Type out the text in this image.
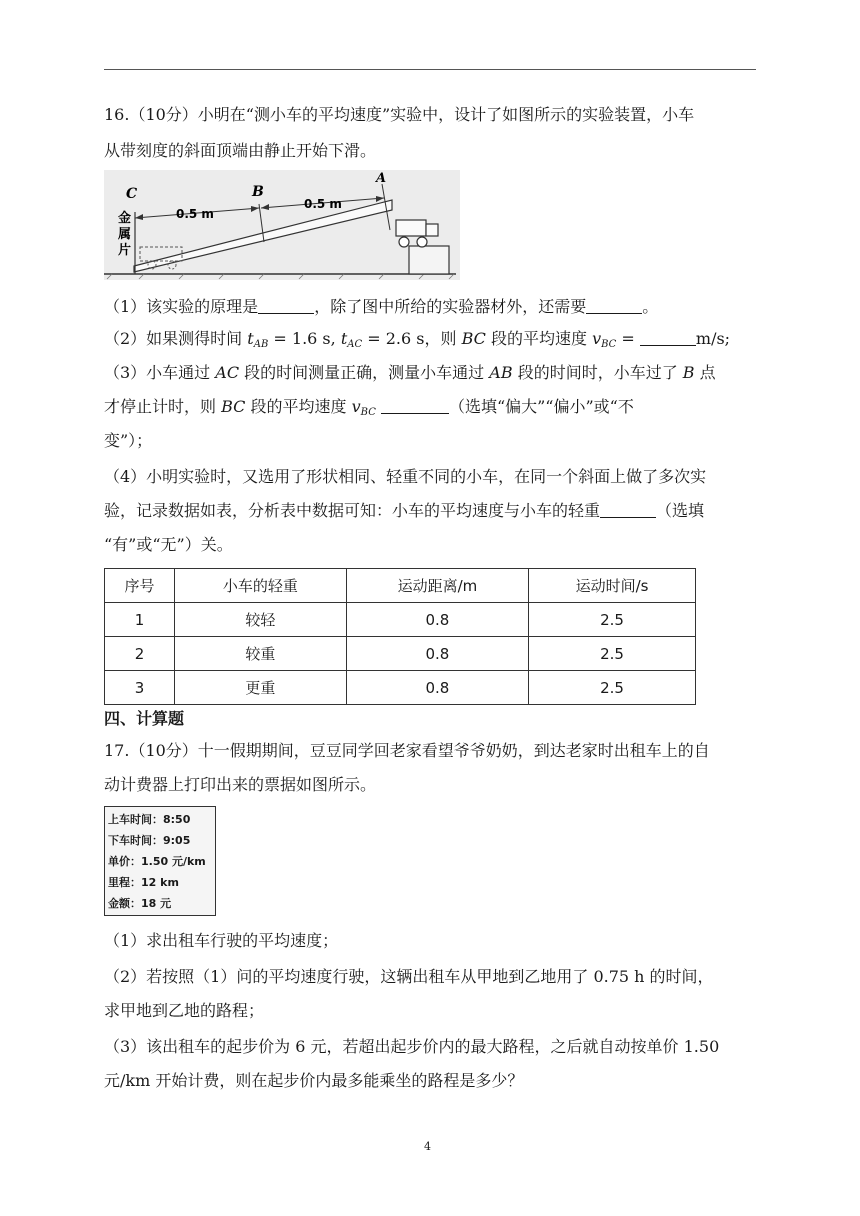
16.（10分）小明在“测小车的平均速度”实验中，设计了如图所示的实验装置，小车
从带刻度的斜面顶端由静止开始下滑。
C	B
A
0.5 m
0.5 m
金
属
片
（1）该实验的原理是	，除了图中所给的实验器材外，还需要	。
（2）如果测得时间 $t_{AB} = 1.6$ s, $t_{AC} = 2.6$ s，则 BC 段的平均速度 $v_{BC}$ =	m/s;
（3）小车通过 AC 段的时间测量正确，测量小车通过 AB 段的时间时，小车过了 B 点
才停止计时，则 BC 段的平均速度 $v_{BC}$	（选填“偏大”“偏小”或“不
变”）；
（4）小明实验时，又选用了形状相同、轻重不同的小车，在同一个斜面上做了多次实
验，记录数据如表，分析表中数据可知：小车的平均速度与小车的轻重	（选填
“有”或“无”）关。
序号	小车的轻重	运动距离/m	运动时间/s
1	较轻	0.8	2.5
2	较重	0.8	2.5
3	更重	0.8	2.5
四、计算题
17.（10分）十一假期期间，豆豆同学回老家看望爷爷奶奶，到达老家时出租车上的自
动计费器上打印出来的票据如图所示。
上车时间：8:50
下车时间：9:05
单价：1.50 元/km
里程：12 km
金额：18 元
（1）求出租车行驶的平均速度；
（2）若按照（1）问的平均速度行驶，这辆出租车从甲地到乙地用了 0.75 h 的时间，
求甲地到乙地的路程；
（3）该出租车的起步价为 6 元，若超出起步价内的最大路程，之后就自动按单价 1.50
元/km 开始计费，则在起步价内最多能乘坐的路程是多少？
4
